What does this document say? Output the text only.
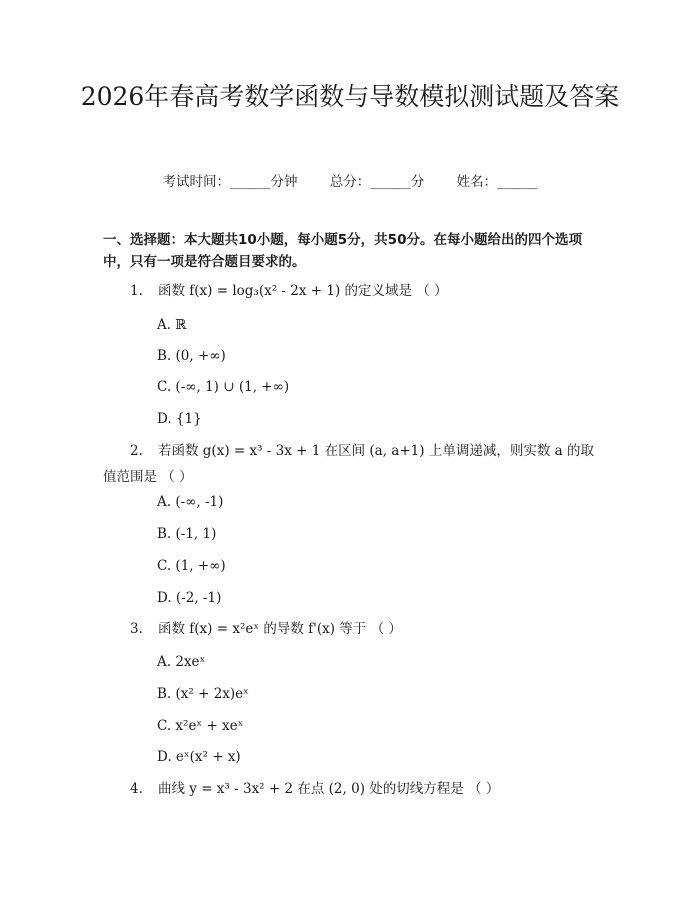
2026年春高考数学函数与导数模拟测试题及答案
考试时间：______分钟 总分：______分 姓名：______
一、选择题：本大题共10小题，每小题5分，共50分。在每小题给出的四个选项中，只有一项是符合题目要求的。
1. 函数 f(x) = log₃(x² - 2x + 1) 的定义域是 （ ）
A. ℝ
B. (0, +∞)
C. (-∞, 1) ∪ (1, +∞)
D. {1}
2. 若函数 g(x) = x³ - 3x + 1 在区间 (a, a+1) 上单调递减，则实数 a 的取值范围是 （ ）
A. (-∞, -1)
B. (-1, 1)
C. (1, +∞)
D. (-2, -1)
3. 函数 f(x) = x²eˣ 的导数 f'(x) 等于 （ ）
A. 2xeˣ
B. (x² + 2x)eˣ
C. x²eˣ + xeˣ
D. eˣ(x² + x)
4. 曲线 y = x³ - 3x² + 2 在点 (2, 0) 处的切线方程是 （ ）
